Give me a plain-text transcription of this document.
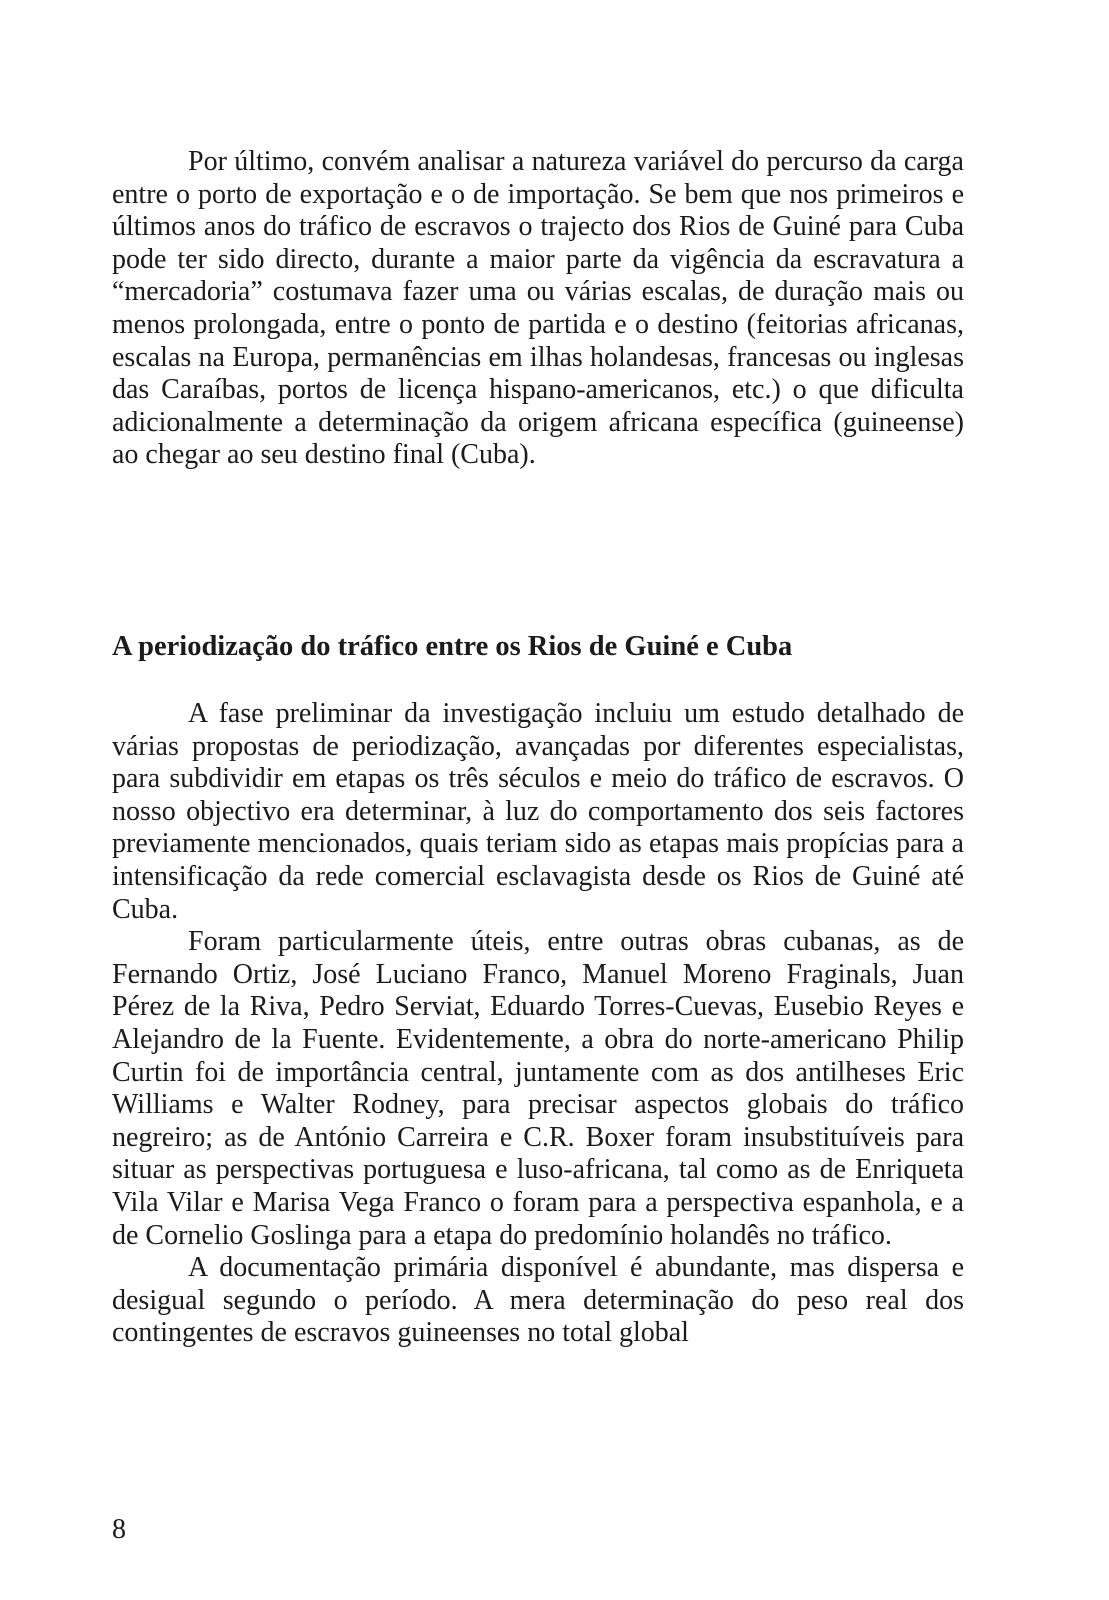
Por último, convém analisar a natureza variável do percurso da carga entre o porto de exportação e o de importação. Se bem que nos primeiros e últimos anos do tráfico de escravos o trajecto dos Rios de Guiné para Cuba pode ter sido directo, durante a maior parte da vigência da escravatura a “mercadoria” costumava fazer uma ou várias escalas, de duração mais ou menos prolongada, entre o ponto de partida e o destino (feitorias africanas, escalas na Europa, permanências em ilhas holandesas, francesas ou inglesas das Caraíbas, portos de licença hispano-americanos, etc.) o que dificulta adicionalmente a determinação da origem africana específica (guineense) ao chegar ao seu destino final (Cuba).

A periodização do tráfico entre os Rios de Guiné e Cuba

A fase preliminar da investigação incluiu um estudo detalhado de várias propostas de periodização, avançadas por diferentes especialistas, para subdividir em etapas os três séculos e meio do tráfico de escravos. O nosso objectivo era determinar, à luz do comportamento dos seis factores previamente mencionados, quais teriam sido as etapas mais propícias para a intensificação da rede comercial esclavagista desde os Rios de Guiné até Cuba.

Foram particularmente úteis, entre outras obras cubanas, as de Fernando Ortiz, José Luciano Franco, Manuel Moreno Fraginals, Juan Pérez de la Riva, Pedro Serviat, Eduardo Torres-Cuevas, Eusebio Reyes e Alejandro de la Fuente. Evidentemente, a obra do norte-americano Philip Curtin foi de importância central, juntamente com as dos antilheses Eric Williams e Walter Rodney, para precisar aspectos globais do tráfico negreiro; as de António Carreira e C.R. Boxer foram insubstituíveis para situar as perspectivas portuguesa e luso-africana, tal como as de Enriqueta Vila Vilar e Marisa Vega Franco o foram para a perspectiva espanhola, e a de Cornelio Goslinga para a etapa do predomínio holandês no tráfico.

A documentação primária disponível é abundante, mas dispersa e desigual segundo o período. A mera determinação do peso real dos contingentes de escravos guineenses no total global

8
